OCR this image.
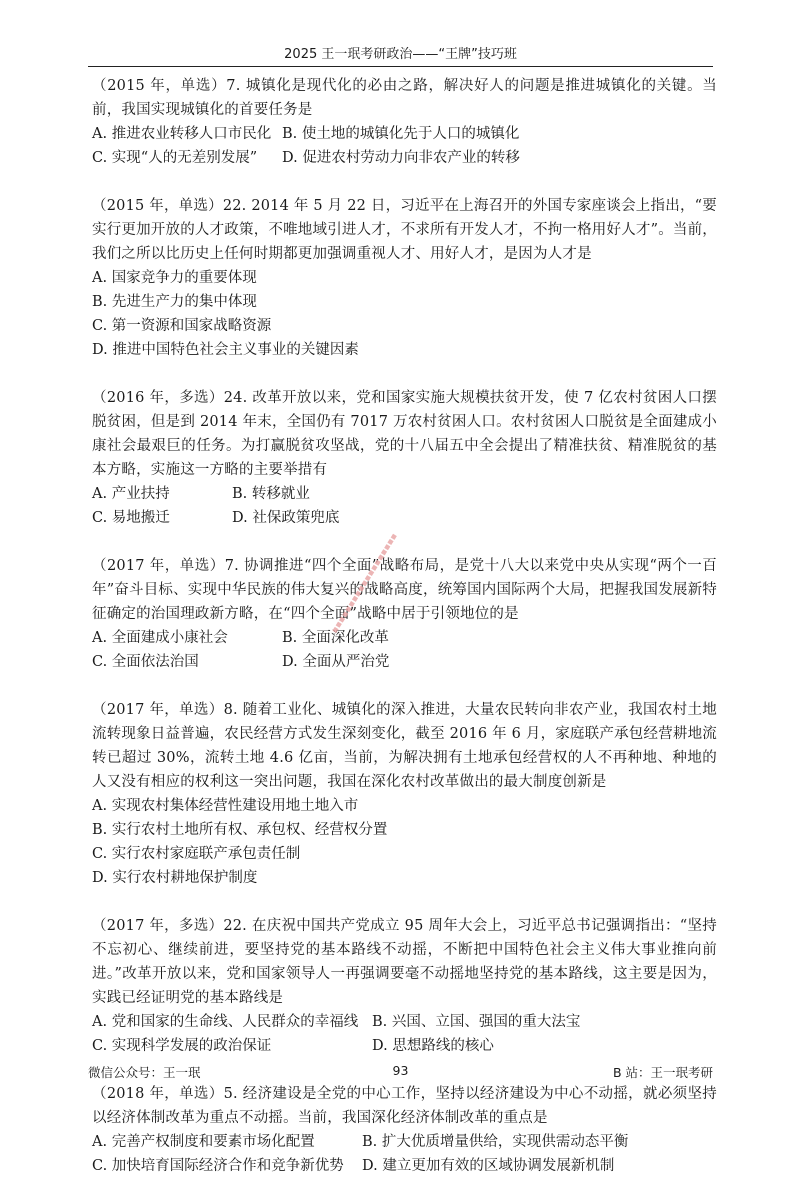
2025 王一珉考研政治——“王牌”技巧班

（2015 年，单选）7. 城镇化是现代化的必由之路，解决好人的问题是推进城镇化的关键。当前，我国实现城镇化的首要任务是

A. 推进农业转移人口市民化 B. 使土地的城镇化先于人口的城镇化
C. 实现“人的无差别发展”	D. 促进农村劳动力向非农产业的转移

（2015 年，单选）22. 2014 年 5 月 22 日，习近平在上海召开的外国专家座谈会上指出，“要实行更加开放的人才政策，不唯地域引进人才，不求所有开发人才，不拘一格用好人才”。当前，我们之所以比历史上任何时期都更加强调重视人才、用好人才，是因为人才是

A. 国家竞争力的重要体现
B. 先进生产力的集中体现
C. 第一资源和国家战略资源
D. 推进中国特色社会主义事业的关键因素

（2016 年，多选）24. 改革开放以来，党和国家实施大规模扶贫开发，使 7 亿农村贫困人口摆脱贫困，但是到 2014 年末，全国仍有 7017 万农村贫困人口。农村贫困人口脱贫是全面建成小康社会最艰巨的任务。为打赢脱贫攻坚战，党的十八届五中全会提出了精准扶贫、精准脱贫的基本方略，实施这一方略的主要举措有

A. 产业扶持	B. 转移就业
C. 易地搬迁	D. 社保政策兜底

（2017 年，单选）7. 协调推进“四个全面”战略布局，是党十八大以来党中央从实现“两个一百年”奋斗目标、实现中华民族的伟大复兴的战略高度，统筹国内国际两个大局，把握我国发展新特征确定的治国理政新方略，在“四个全面”战略中居于引领地位的是

A. 全面建成小康社会	B. 全面深化改革
C. 全面依法治国	D. 全面从严治党

（2017 年，单选）8. 随着工业化、城镇化的深入推进，大量农民转向非农产业，我国农村土地流转现象日益普遍，农民经营方式发生深刻变化，截至 2016 年 6 月，家庭联产承包经营耕地流转已超过 30%，流转土地 4.6 亿亩，当前，为解决拥有土地承包经营权的人不再种地、种地的人又没有相应的权利这一突出问题，我国在深化农村改革做出的最大制度创新是

A. 实现农村集体经营性建设用地土地入市
B. 实行农村土地所有权、承包权、经营权分置
C. 实行农村家庭联产承包责任制
D. 实行农村耕地保护制度

（2017 年，多选）22. 在庆祝中国共产党成立 95 周年大会上，习近平总书记强调指出：“坚持不忘初心、继续前进，要坚持党的基本路线不动摇，不断把中国特色社会主义伟大事业推向前进。”改革开放以来，党和国家领导人一再强调要毫不动摇地坚持党的基本路线，这主要是因为，实践已经证明党的基本路线是

A. 党和国家的生命线、人民群众的幸福线 B. 兴国、立国、强国的重大法宝
C. 实现科学发展的政治保证	D. 思想路线的核心

（2018 年，单选）5. 经济建设是全党的中心工作，坚持以经济建设为中心不动摇，就必须坚持以经济体制改革为重点不动摇。当前，我国深化经济体制改革的重点是

A. 完善产权制度和要素市场化配置	B. 扩大优质增量供给，实现供需动态平衡
C. 加快培育国际经济合作和竞争新优势	D. 建立更加有效的区域协调发展新机制
▪▪▪▪▪▪▪▪▪▪▪▪▪▪▪▪▪▪▪
微信公众号：王一珉	93	B 站：王一珉考研
